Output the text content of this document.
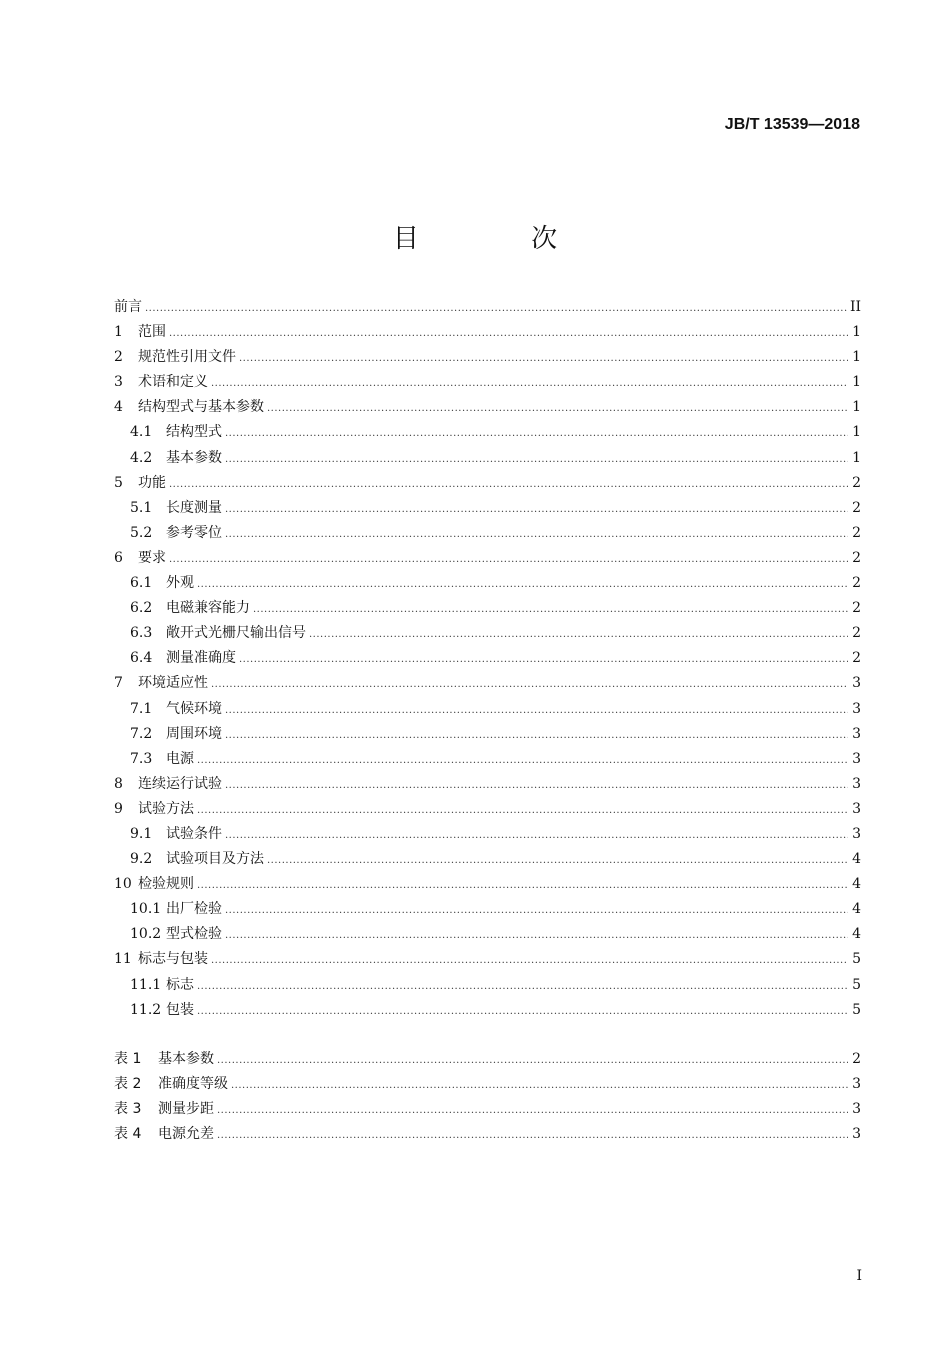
JB/T 13539—2018
目 次
前言 .....	II
1	范围 .....	1
2	规范性引用文件 .....	1
3	术语和定义 .....	1
4	结构型式与基本参数 .....	1
4.1 结构型式 .....	1
4.2 基本参数 .....	1
5	功能 .....	2
5.1 长度测量 .....	2
5.2 参考零位 .....	2
6	要求 .....	2
6.1 外观 .....	2
6.2 电磁兼容能力 .....	2
6.3 敞开式光栅尺输出信号 .....	2
6.4 测量准确度 .....	2
7	环境适应性 .....	3
7.1 气候环境 .....	3
7.2 周围环境 .....	3
7.3 电源 .....	3
8	连续运行试验 .....	3
9	试验方法 .....	3
9.1 试验条件 .....	3
9.2 试验项目及方法 .....	4
10 检验规则 .....	4
10.1 出厂检验 .....	4
10.2 型式检验 .....	4
11 标志与包装 .....	5
11.1 标志 .....	5
11.2 包装 .....	5
表 1	基本参数 .....	2
表 2	准确度等级 .....	3
表 3	测量步距 .....	3
表 4	电源允差 .....	3
I
